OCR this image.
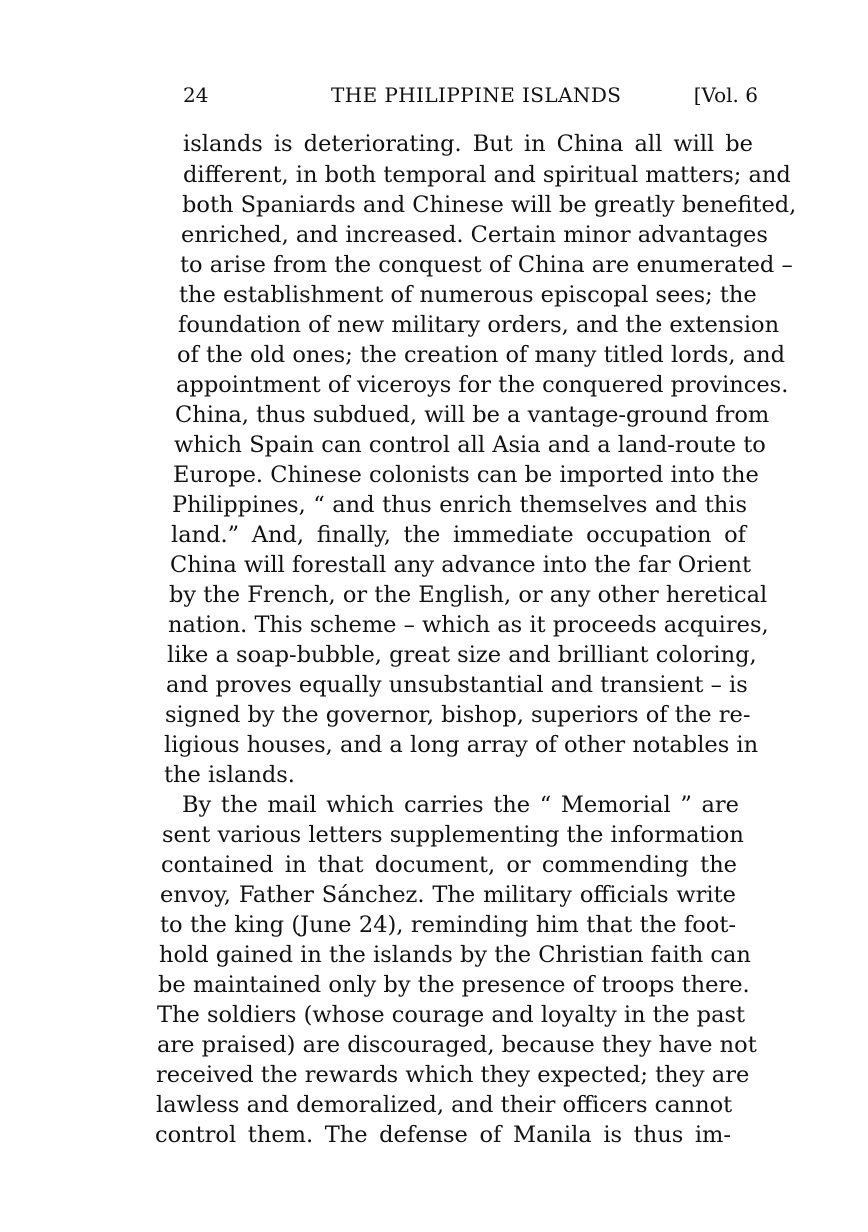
24	THE PHILIPPINE ISLANDS	[Vol. 6
islands is deteriorating. But in China all will be
different, in both temporal and spiritual matters; and
both Spaniards and Chinese will be greatly benefited,
enriched, and increased. Certain minor advantages
to arise from the conquest of China are enumerated –
the establishment of numerous episcopal sees; the
foundation of new military orders, and the extension
of the old ones; the creation of many titled lords, and
appointment of viceroys for the conquered provinces.
China, thus subdued, will be a vantage-ground from
which Spain can control all Asia and a land-route to
Europe. Chinese colonists can be imported into the
Philippines, “ and thus enrich themselves and this
land.” And, finally, the immediate occupation of
China will forestall any advance into the far Orient
by the French, or the English, or any other heretical
nation. This scheme – which as it proceeds acquires,
like a soap-bubble, great size and brilliant coloring,
and proves equally unsubstantial and transient – is
signed by the governor, bishop, superiors of the re-
ligious houses, and a long array of other notables in
the islands.
By the mail which carries the “ Memorial ” are
sent various letters supplementing the information
contained in that document, or commending the
envoy, Father Sánchez. The military officials write
to the king (June 24), reminding him that the foot-
hold gained in the islands by the Christian faith can
be maintained only by the presence of troops there.
The soldiers (whose courage and loyalty in the past
are praised) are discouraged, because they have not
received the rewards which they expected; they are
lawless and demoralized, and their officers cannot
control them. The defense of Manila is thus im-
